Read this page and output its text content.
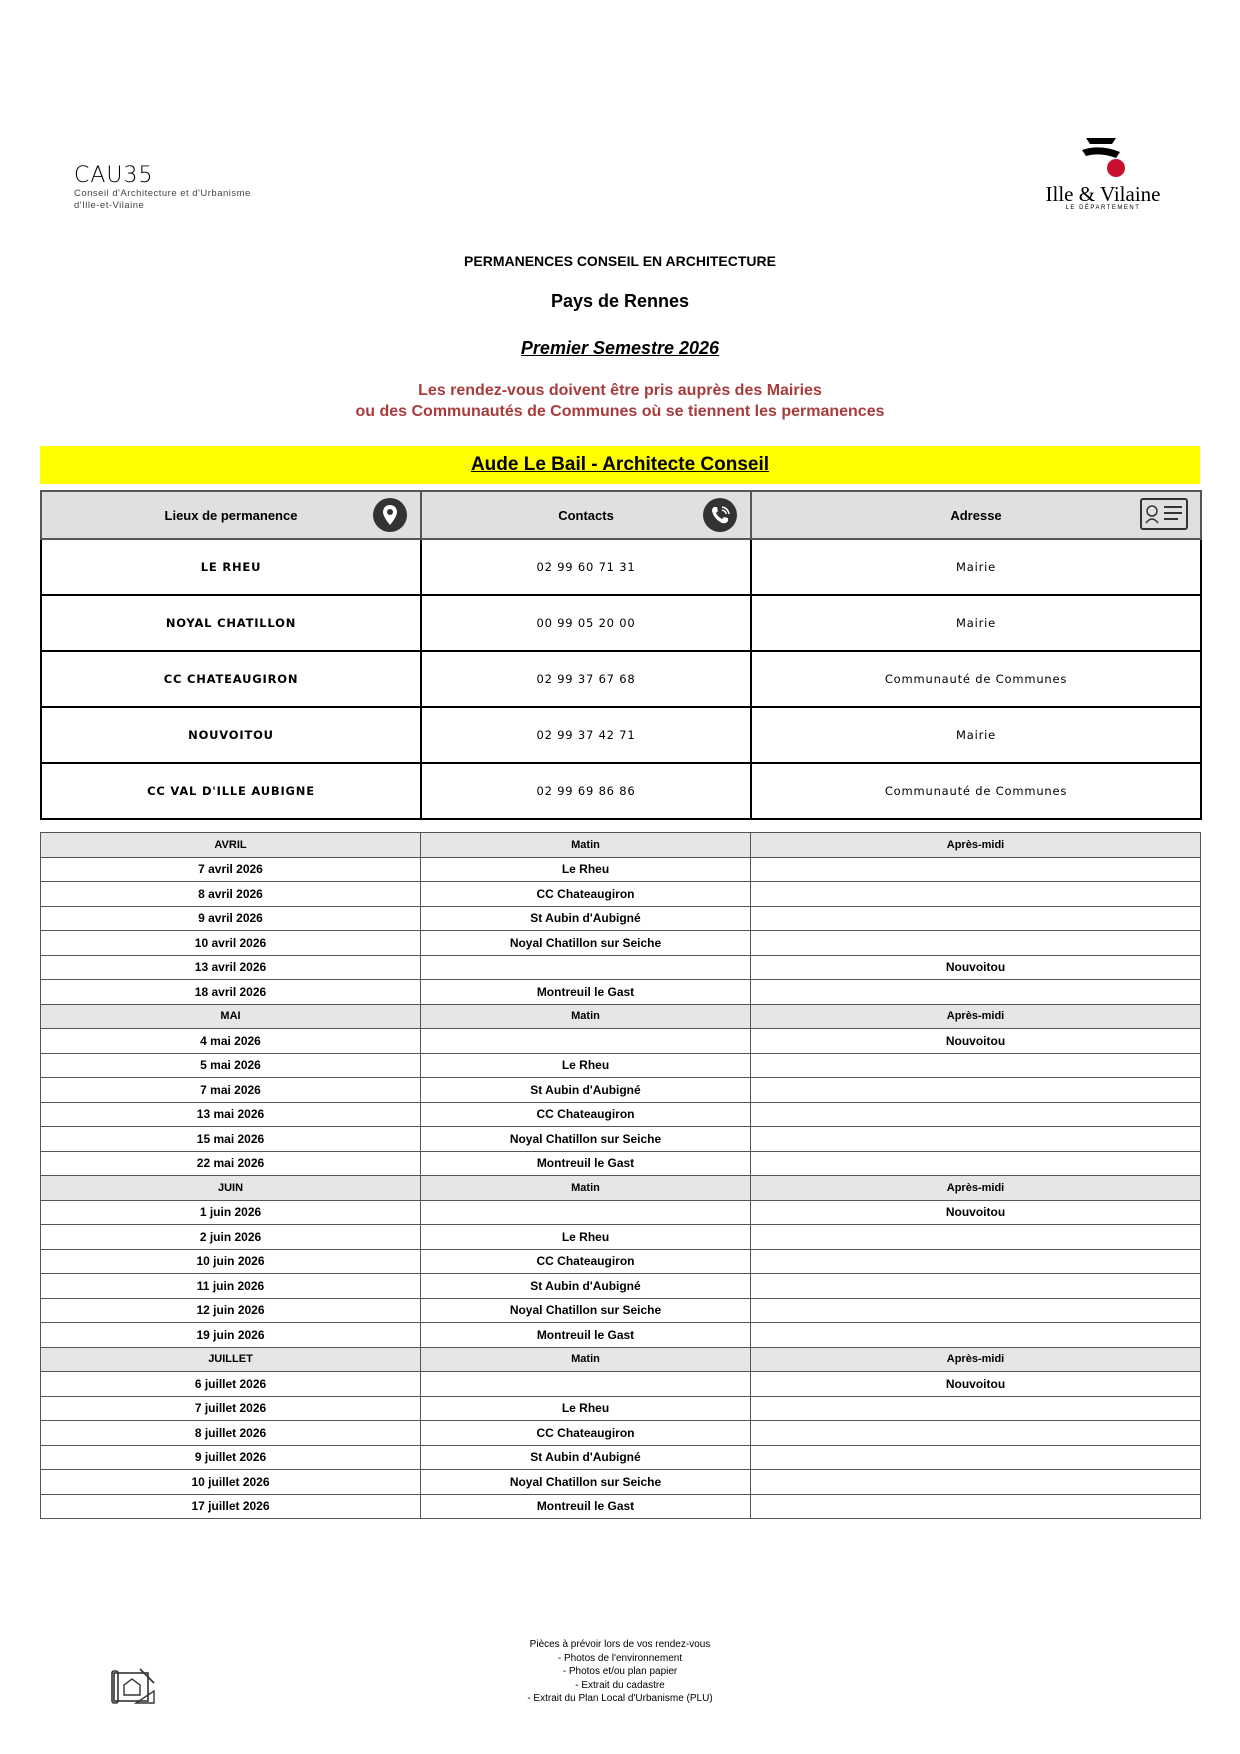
CAU35
Conseil d'Architecture et d'Urbanisme d'Ille-et-Vilaine	Ille & Vilaine
LE DÉPARTEMENT
PERMANENCES CONSEIL EN ARCHITECTURE
Pays de Rennes
Premier Semestre 2026
Les rendez-vous doivent être pris auprès des Mairies
ou des Communautés de Communes où se tiennent les permanences
Aude Le Bail - Architecte Conseil
Lieux de permanence	Contacts	Adresse

LE RHEU	02 99 60 71 31	Mairie
NOYAL CHATILLON	00 99 05 20 00	Mairie
CC CHATEAUGIRON	02 99 37 67 68	Communauté de Communes
NOUVOITOU	02 99 37 42 71	Mairie
CC VAL D'ILLE AUBIGNE	02 99 69 86 86	Communauté de Communes
AVRIL	Matin	Après-midi
7 avril 2026	Le Rheu	
8 avril 2026	CC Chateaugiron	
9 avril 2026	St Aubin d'Aubigné	
10 avril 2026	Noyal Chatillon sur Seiche	
13 avril 2026		Nouvoitou
18 avril 2026	Montreuil le Gast	
MAI	Matin	Après-midi
4 mai 2026		Nouvoitou
5 mai 2026	Le Rheu	
7 mai 2026	St Aubin d'Aubigné	
13 mai 2026	CC Chateaugiron	
15 mai 2026	Noyal Chatillon sur Seiche	
22 mai 2026	Montreuil le Gast	
JUIN	Matin	Après-midi
1 juin 2026		Nouvoitou
2 juin 2026	Le Rheu	
10 juin 2026	CC Chateaugiron	
11 juin 2026	St Aubin d'Aubigné	
12 juin 2026	Noyal Chatillon sur Seiche	
19 juin 2026	Montreuil le Gast	
JUILLET	Matin	Après-midi
6 juillet 2026		Nouvoitou
7 juillet 2026	Le Rheu	
8 juillet 2026	CC Chateaugiron	
9 juillet 2026	St Aubin d'Aubigné	
10 juillet 2026	Noyal Chatillon sur Seiche	
17 juillet 2026	Montreuil le Gast	
Pièces à prévoir lors de vos rendez-vous
- Photos de l'environnement
- Photos et/ou plan papier
- Extrait du cadastre
- Extrait du Plan Local d'Urbanisme (PLU)
